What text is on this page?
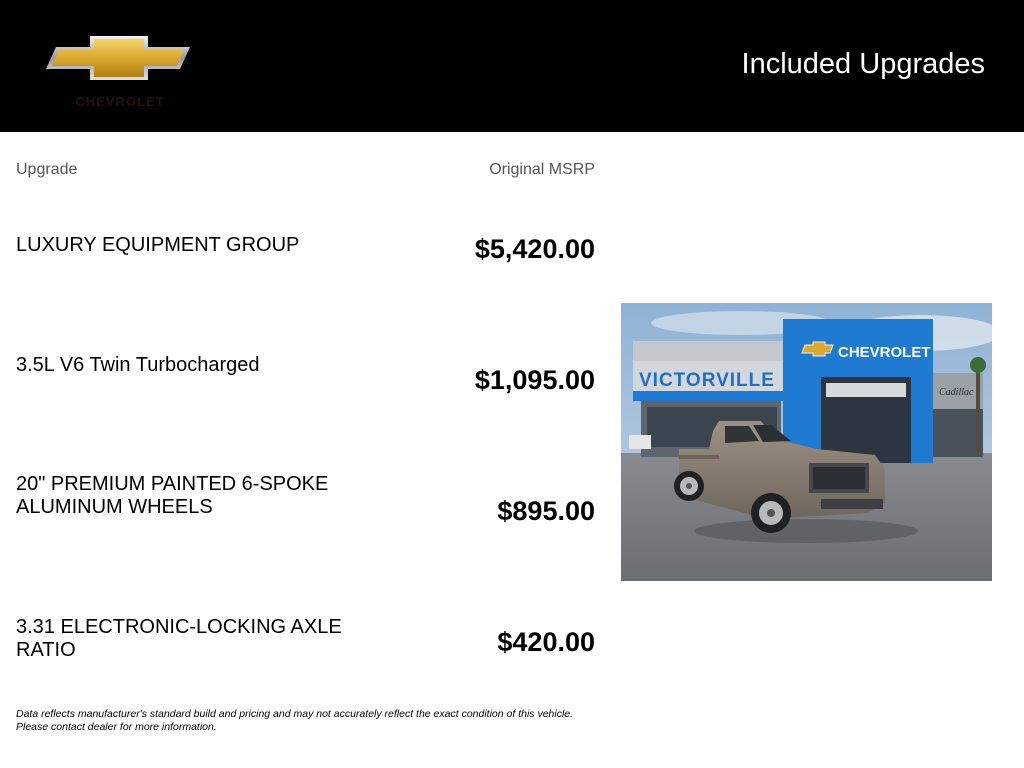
CHEVROLET
Included Upgrades
Upgrade	Original MSRP
LUXURY EQUIPMENT GROUP	$5,420.00
3.5L V6 Twin Turbocharged	$1,095.00
20" PREMIUM PAINTED 6-SPOKE ALUMINUM WHEELS	$895.00
3.31 ELECTRONIC-LOCKING AXLE RATIO	$420.00
VICTORVILLE
CHEVROLET
Cadillac
Data reflects manufacturer's standard build and pricing and may not accurately reflect the exact condition of this vehicle.
Please contact dealer for more information.
